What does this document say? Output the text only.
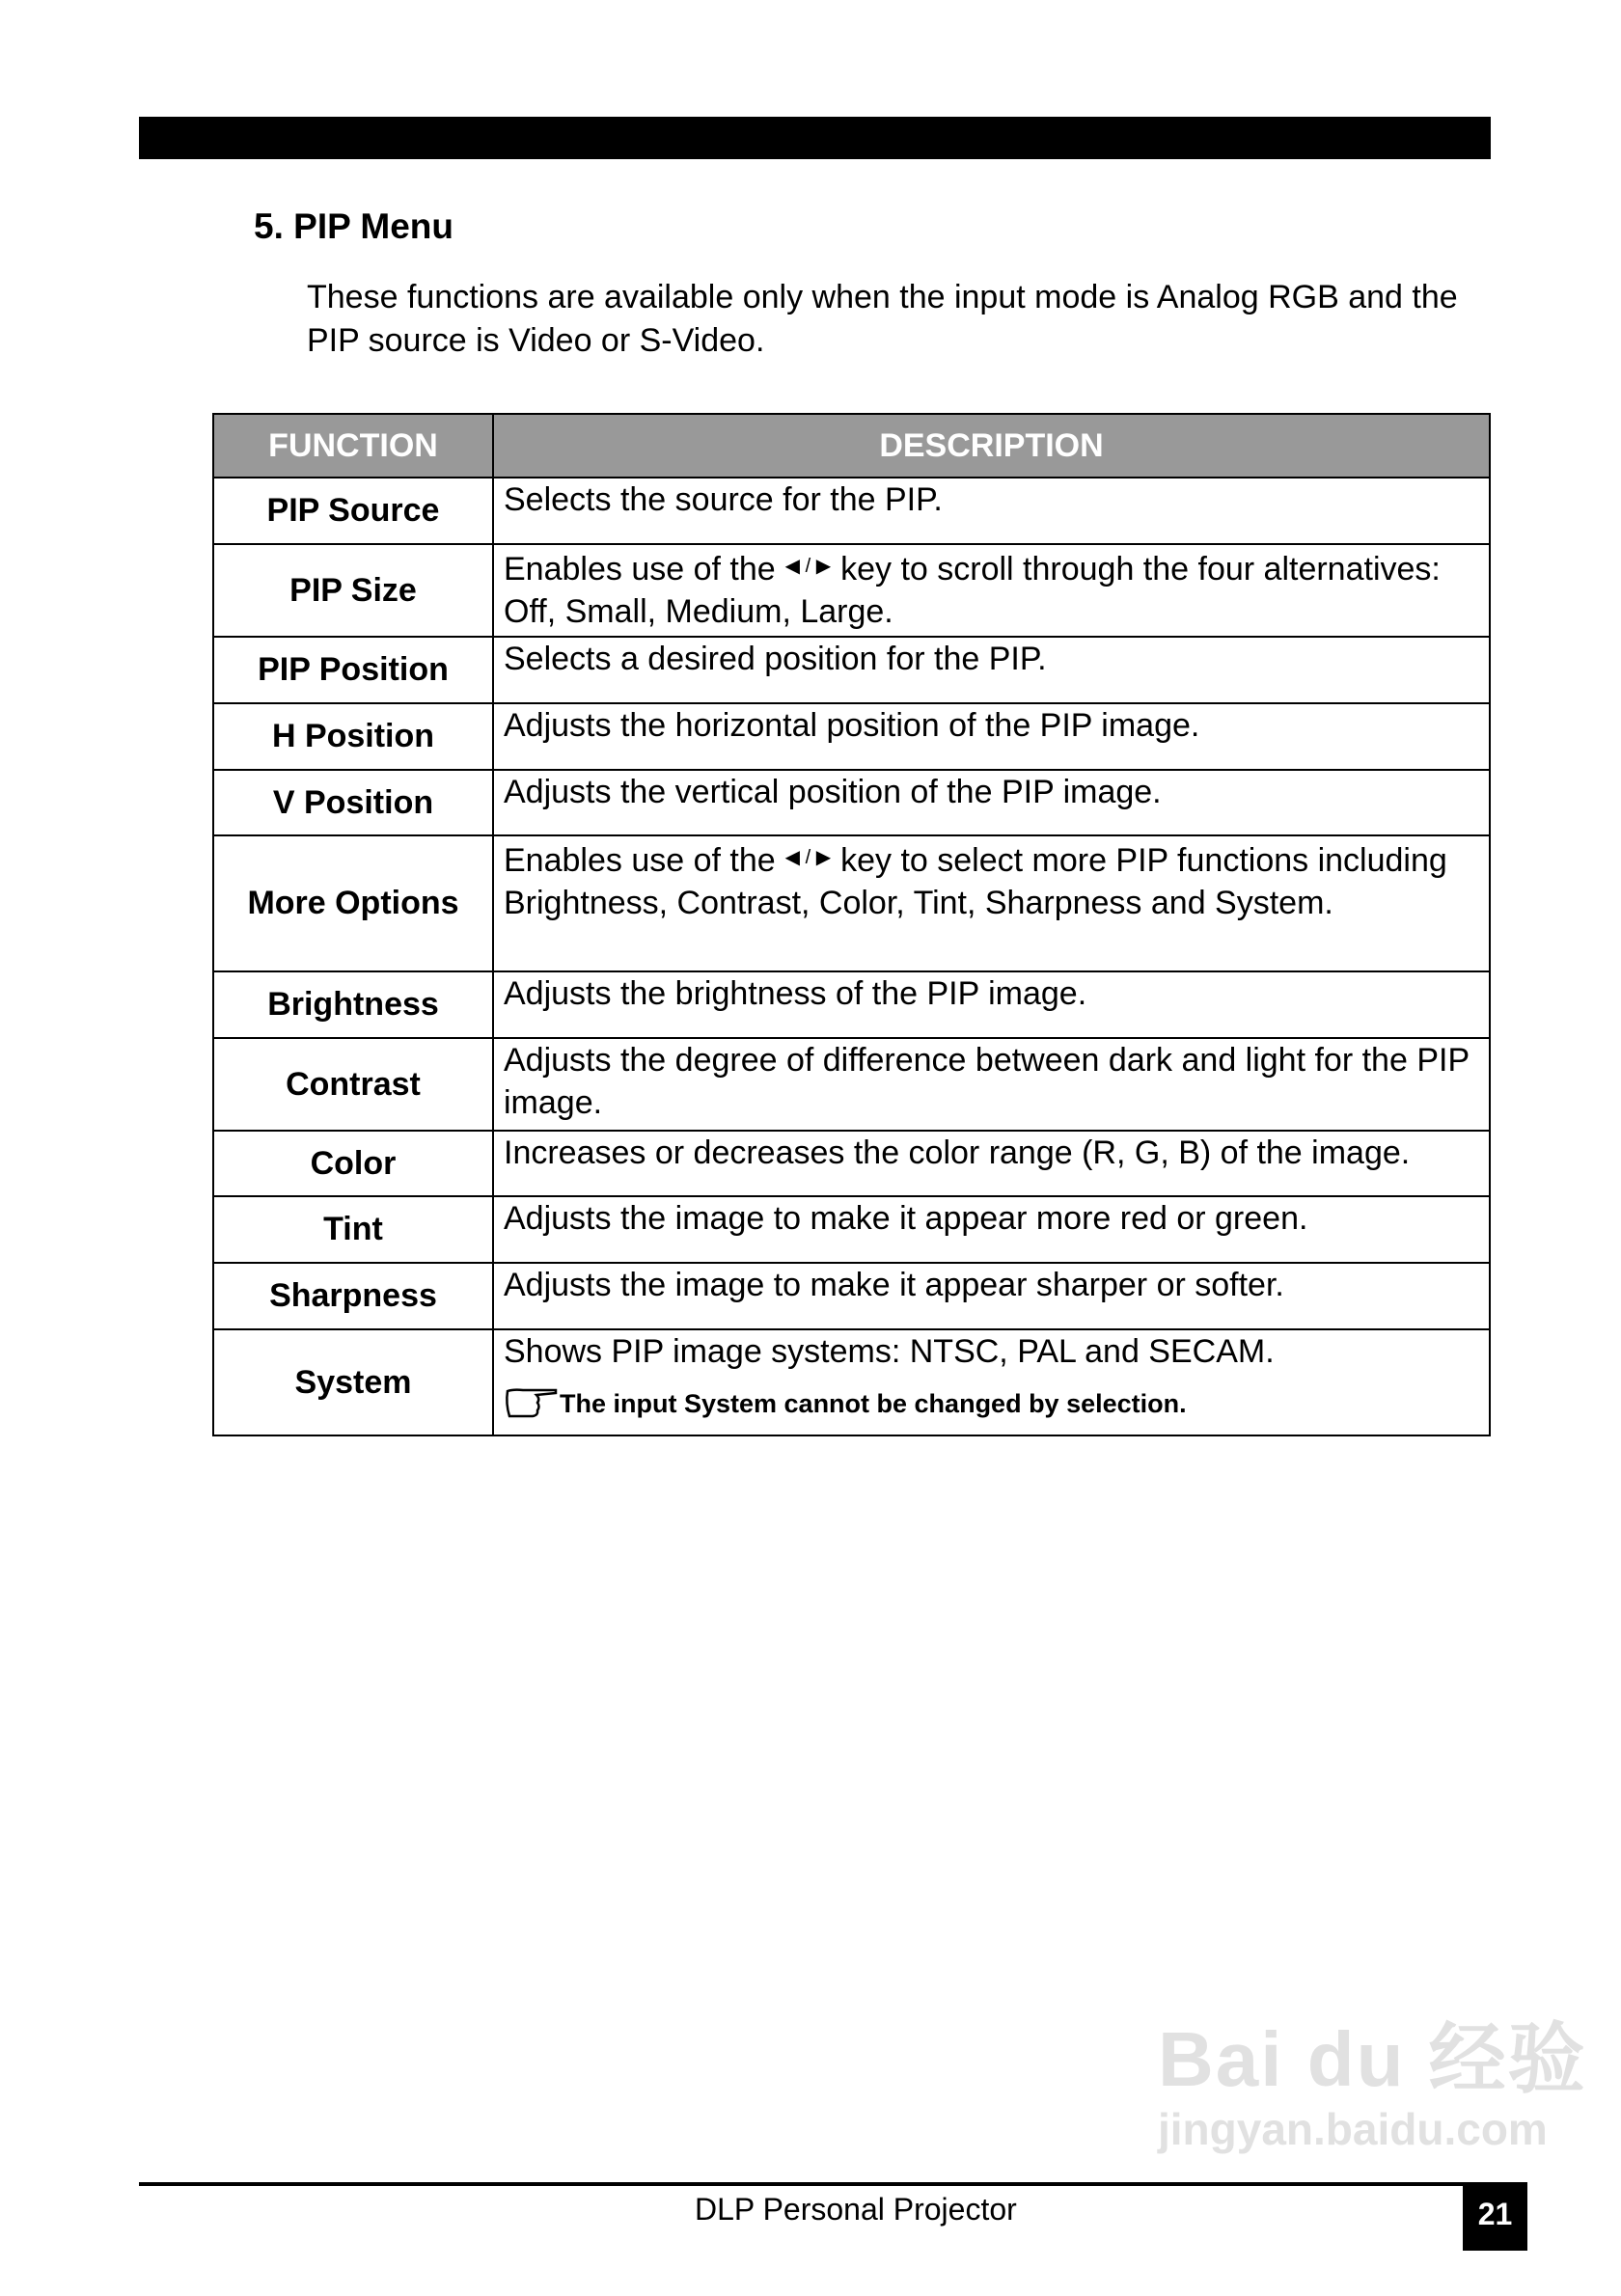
5. PIP Menu
These functions are available only when the input mode is Analog RGB and the PIP source is Video or S-Video.
FUNCTION	DESCRIPTION
PIP Source	Selects the source for the PIP.
PIP Size	Enables use of the ◀ / ▶ key to scroll through the four alternatives: Off, Small, Medium, Large.
PIP Position	Selects a desired position for the PIP.
H Position	Adjusts the horizontal position of the PIP image.
V Position	Adjusts the vertical position of the PIP image.
More Options	Enables use of the ◀ / ▶ key to select more PIP functions including Brightness, Contrast, Color, Tint, Sharpness and System.
Brightness	Adjusts the brightness of the PIP image.
Contrast	Adjusts the degree of difference between dark and light for the PIP image.
Color	Increases or decreases the color range (R, G, B) of the image.
Tint	Adjusts the image to make it appear more red or green.
Sharpness	Adjusts the image to make it appear sharper or softer.
System	Shows PIP image systems: NTSC, PAL and SECAM.
The input System cannot be changed by selection.
Bai du 经验
jingyan.baidu.com
DLP Personal Projector	21
